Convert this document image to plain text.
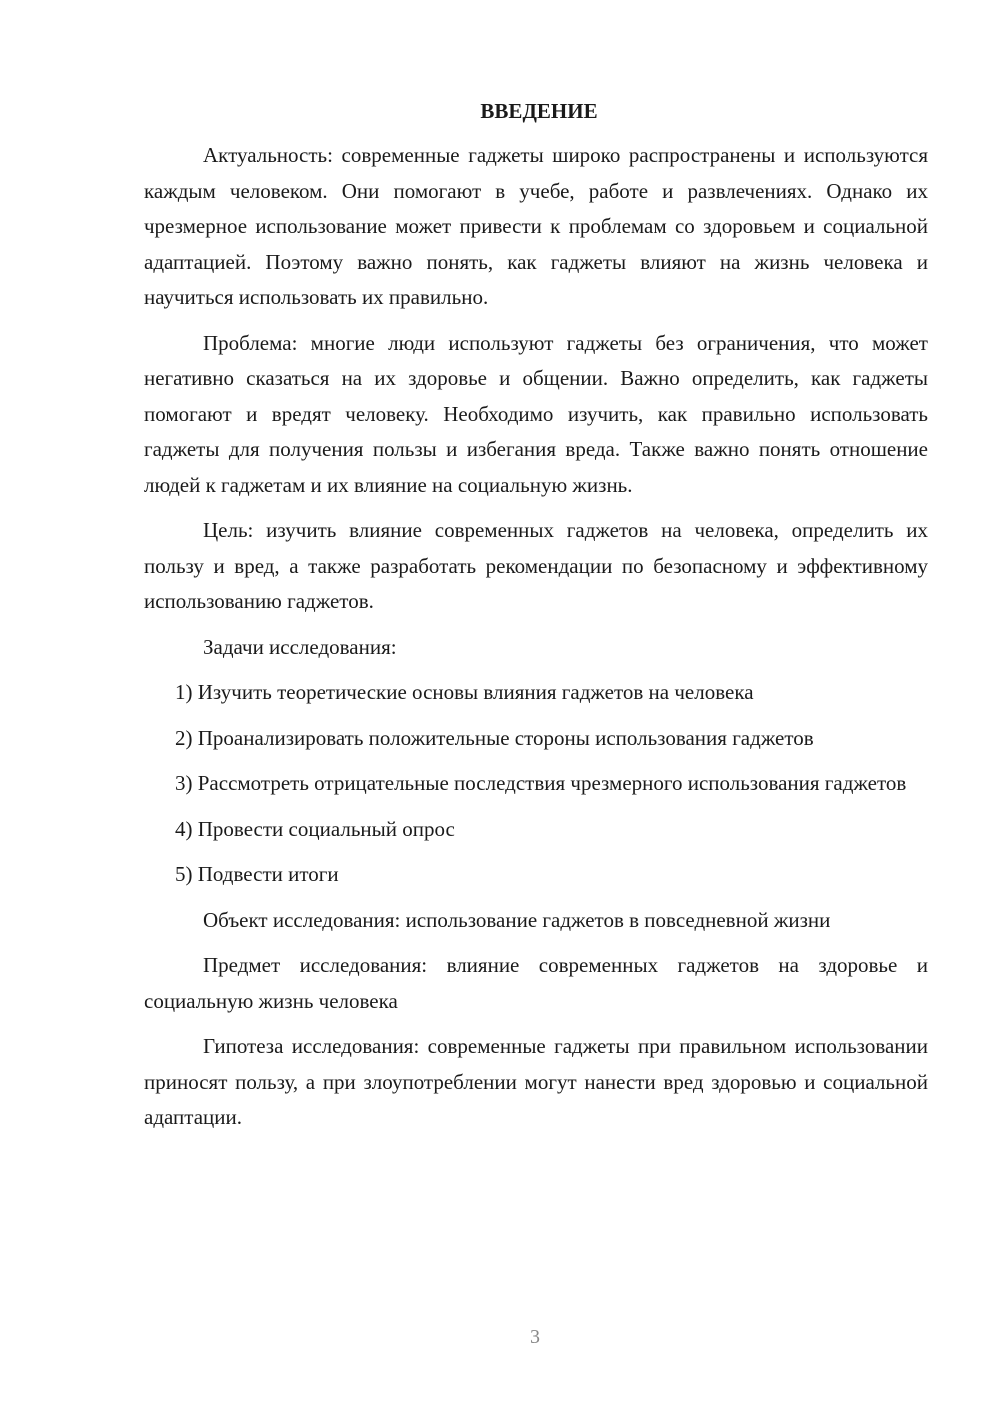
ВВЕДЕНИЕ

Актуальность: современные гаджеты широко распространены и используются каждым человеком. Они помогают в учебе, работе и развлечениях. Однако их чрезмерное использование может привести к проблемам со здоровьем и социальной адаптацией. Поэтому важно понять, как гаджеты влияют на жизнь человека и научиться использовать их правильно.

Проблема: многие люди используют гаджеты без ограничения, что может негативно сказаться на их здоровье и общении. Важно определить, как гаджеты помогают и вредят человеку. Необходимо изучить, как правильно использовать гаджеты для получения пользы и избегания вреда. Также важно понять отношение людей к гаджетам и их влияние на социальную жизнь.

Цель: изучить влияние современных гаджетов на человека, определить их пользу и вред, а также разработать рекомендации по безопасному и эффективному использованию гаджетов.

Задачи исследования:

1) Изучить теоретические основы влияния гаджетов на человека

2) Проанализировать положительные стороны использования гаджетов

3) Рассмотреть отрицательные последствия чрезмерного использования гаджетов

4) Провести социальный опрос

5) Подвести итоги

Объект исследования: использование гаджетов в повседневной жизни

Предмет исследования: влияние современных гаджетов на здоровье и социальную жизнь человека

Гипотеза исследования: современные гаджеты при правильном использовании приносят пользу, а при злоупотреблении могут нанести вред здоровью и социальной адаптации.

3
